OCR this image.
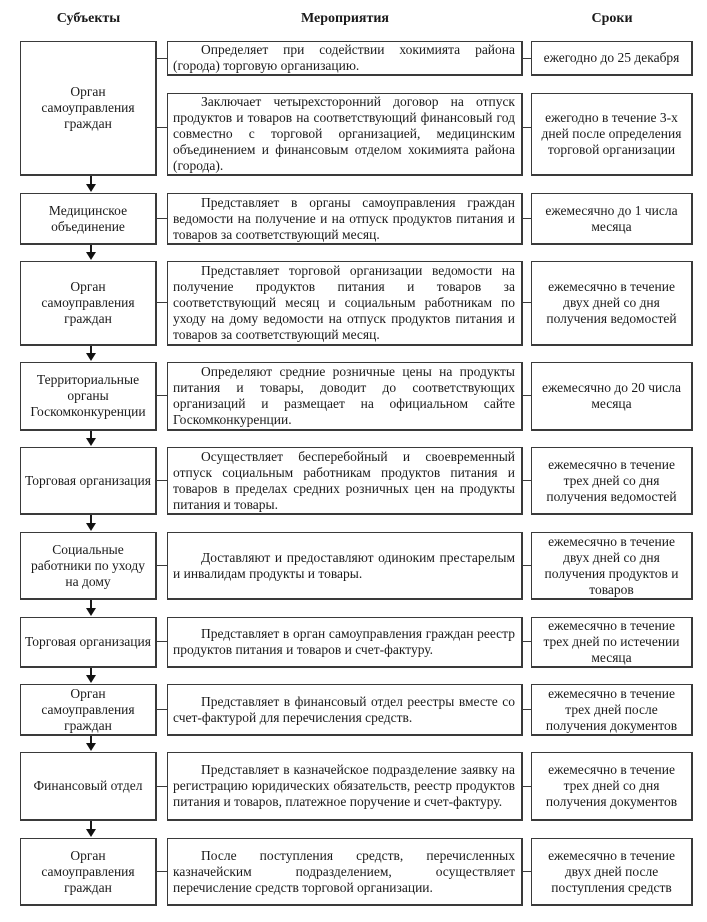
Субъекты	Мероприятия	Сроки
Орган самоуправления граждан
Определяет при содействии хокимията района (города) торговую организацию.
ежегодно до 25 декабря
Заключает четырехсторонний договор на отпуск продуктов и товаров на соответствующий финансовый год совместно с торговой организацией, медицинским объединением и финансовым отделом хокимията района (города).
ежегодно в течение 3-х дней после определения торговой организации
Медицинское объединение
Представляет в органы самоуправления граждан ведомости на получение и на отпуск продуктов питания и товаров за соответствующий месяц.
ежемесячно до 1 числа месяца
Орган самоуправления граждан
Представляет торговой организации ведомости на получение продуктов питания и товаров за соответствующий месяц и социальным работникам по уходу на дому ведомости на отпуск продуктов питания и товаров за соответствующий месяц.
ежемесячно в течение двух дней со дня получения ведомостей
Территориальные органы Госкомконкуренции
Определяют средние розничные цены на продукты питания и товары, доводит до соответствующих организаций и размещает на официальном сайте Госкомконкуренции.
ежемесячно до 20 числа месяца
Торговая организация
Осуществляет бесперебойный и своевременный отпуск социальным работникам продуктов питания и товаров в пределах средних розничных цен на продукты питания и товары.
ежемесячно в течение трех дней со дня получения ведомостей
Социальные работники по уходу на дому
Доставляют и предоставляют одиноким престарелым и инвалидам продукты и товары.
ежемесячно в течение двух дней со дня получения продуктов и товаров
Торговая организация
Представляет в орган самоуправления граждан реестр продуктов питания и товаров и счет-фактуру.
ежемесячно в течение трех дней по истечении месяца
Орган самоуправления граждан
Представляет в финансовый отдел реестры вместе со счет-фактурой для перечисления средств.
ежемесячно в течение трех дней после получения документов
Финансовый отдел
Представляет в казначейское подразделение заявку на регистрацию юридических обязательств, реестр продуктов питания и товаров, платежное поручение и счет-фактуру.
ежемесячно в течение трех дней со дня получения документов
Орган самоуправления граждан
После поступления средств, перечисленных казначейским подразделением, осуществляет перечисление средств торговой организации.
ежемесячно в течение двух дней после поступления средств
